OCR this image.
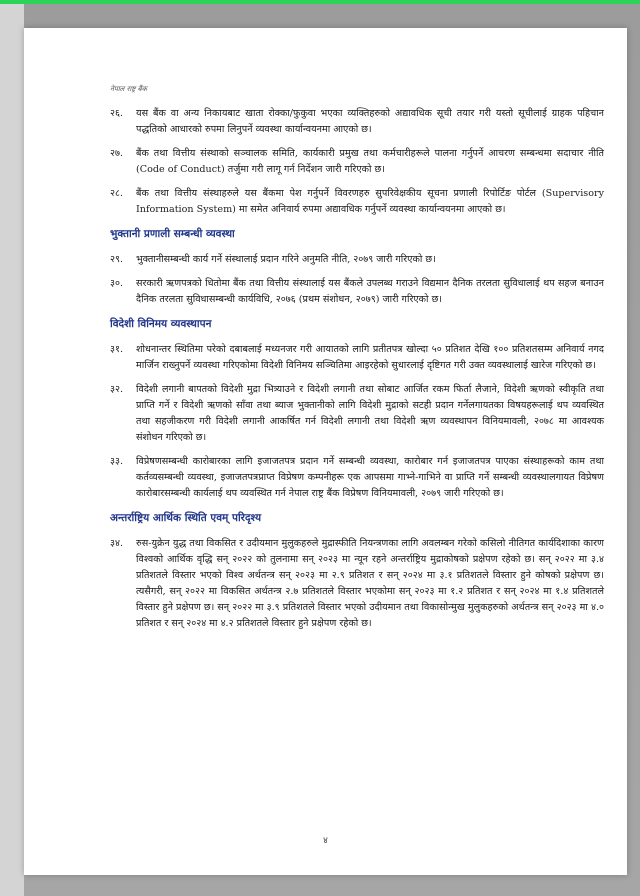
नेपाल राष्ट्र बैंक
२६.	यस बैंक वा अन्य निकायबाट खाता रोक्का/फुकुवा भएका व्यक्तिहरुको अद्यावधिक सूची तयार गरी यस्तो सूचीलाई ग्राहक पहिचान पद्धतिको आधारको रुपमा लिनुपर्ने व्यवस्था कार्यान्वयनमा आएको छ।
२७.	बैंक तथा वित्तीय संस्थाको सञ्चालक समिति, कार्यकारी प्रमुख तथा कर्मचारीहरूले पालना गर्नुपर्ने आचरण सम्बन्धमा सदाचार नीति (Code of Conduct) तर्जुमा गरी लागू गर्न निर्देशन जारी गरिएको छ।
२८.	बैंक तथा वित्तीय संस्थाहरुले यस बैंकमा पेश गर्नुपर्ने विवरणहरु सुपरिवेक्षकीय सूचना प्रणाली रिपोर्टिङ पोर्टल (Supervisory Information System) मा समेत अनिवार्य रुपमा अद्यावधिक गर्नुपर्ने व्यवस्था कार्यान्वयनमा आएको छ।
भुक्तानी प्रणाली सम्बन्धी व्यवस्था
२९.	भुक्तानीसम्बन्धी कार्य गर्ने संस्थालाई प्रदान गरिने अनुमति नीति, २०७९ जारी गरिएको छ।
३०.	सरकारी ऋणपत्रको धितोमा बैंक तथा वित्तीय संस्थालाई यस बैंकले उपलब्ध गराउने विद्यमान दैनिक तरलता सुविधालाई थप सहज बनाउन दैनिक तरलता सुविधासम्बन्धी कार्यविधि, २०७६ (प्रथम संशोधन, २०७९) जारी गरिएको छ।
विदेशी विनिमय व्यवस्थापन
३१.	शोधनान्तर स्थितिमा परेको दबाबलाई मध्यनजर गरी आयातको लागि प्रतीतपत्र खोल्दा ५० प्रतिशत देखि १०० प्रतिशतसम्म अनिवार्य नगद मार्जिन राख्नुपर्ने व्यवस्था गरिएकोमा विदेशी विनिमय सञ्चितिमा आइरहेको सुधारलाई दृष्टिगत गरी उक्त व्यवस्थालाई खारेज गरिएको छ।
३२.	विदेशी लगानी बापतको विदेशी मुद्रा भित्र्याउने र विदेशी लगानी तथा सोबाट आर्जित रकम फिर्ता लैजाने, विदेशी ऋणको स्वीकृति तथा प्राप्ति गर्ने र विदेशी ऋणको साँवा तथा ब्याज भुक्तानीको लागि विदेशी मुद्राको सटही प्रदान गर्नेलगायतका विषयहरूलाई थप व्यवस्थित तथा सहजीकरण गरी विदेशी लगानी आकर्षित गर्न विदेशी लगानी तथा विदेशी ऋण व्यवस्थापन विनियमावली, २०७८ मा आवश्यक संशोधन गरिएको छ।
३३.	विप्रेषणसम्बन्धी कारोबारका लागि इजाजतपत्र प्रदान गर्ने सम्बन्धी व्यवस्था, कारोबार गर्न इजाजतपत्र पाएका संस्थाहरूको काम तथा कर्तव्यसम्बन्धी व्यवस्था, इजाजतपत्रप्राप्त विप्रेषण कम्पनीहरू एक आपसमा गाभ्ने-गाभिने वा प्राप्ति गर्ने सम्बन्धी व्यवस्थालगायत विप्रेषण कारोबारसम्बन्धी कार्यलाई थप व्यवस्थित गर्न नेपाल राष्ट्र बैंक विप्रेषण विनियमावली, २०७९ जारी गरिएको छ।
अन्तर्राष्ट्रिय आर्थिक स्थिति एवम् परिदृश्य
३४.	रुस-युक्रेन युद्ध तथा विकसित र उदीयमान मुलुकहरुले मुद्रास्फीति नियन्त्रणका लागि अवलम्बन गरेको कसिलो नीतिगत कार्यदिशाका कारण विश्वको आर्थिक वृद्धि सन् २०२२ को तुलनामा सन् २०२३ मा न्यून रहने अन्तर्राष्ट्रिय मुद्राकोषको प्रक्षेपण रहेको छ। सन् २०२२ मा ३.४ प्रतिशतले विस्तार भएको विश्व अर्थतन्त्र सन् २०२३ मा २.९ प्रतिशत र सन् २०२४ मा ३.१ प्रतिशतले विस्तार हुने कोषको प्रक्षेपण छ। त्यसैगरी, सन् २०२२ मा विकसित अर्थतन्त्र २.७ प्रतिशतले विस्तार भएकोमा सन् २०२३ मा १.२ प्रतिशत र सन् २०२४ मा १.४ प्रतिशतले विस्तार हुने प्रक्षेपण छ। सन् २०२२ मा ३.९ प्रतिशतले विस्तार भएको उदीयमान तथा विकासोन्मुख मुलुकहरुको अर्थतन्त्र सन् २०२३ मा ४.० प्रतिशत र सन् २०२४ मा ४.२ प्रतिशतले विस्तार हुने प्रक्षेपण रहेको छ।
४
